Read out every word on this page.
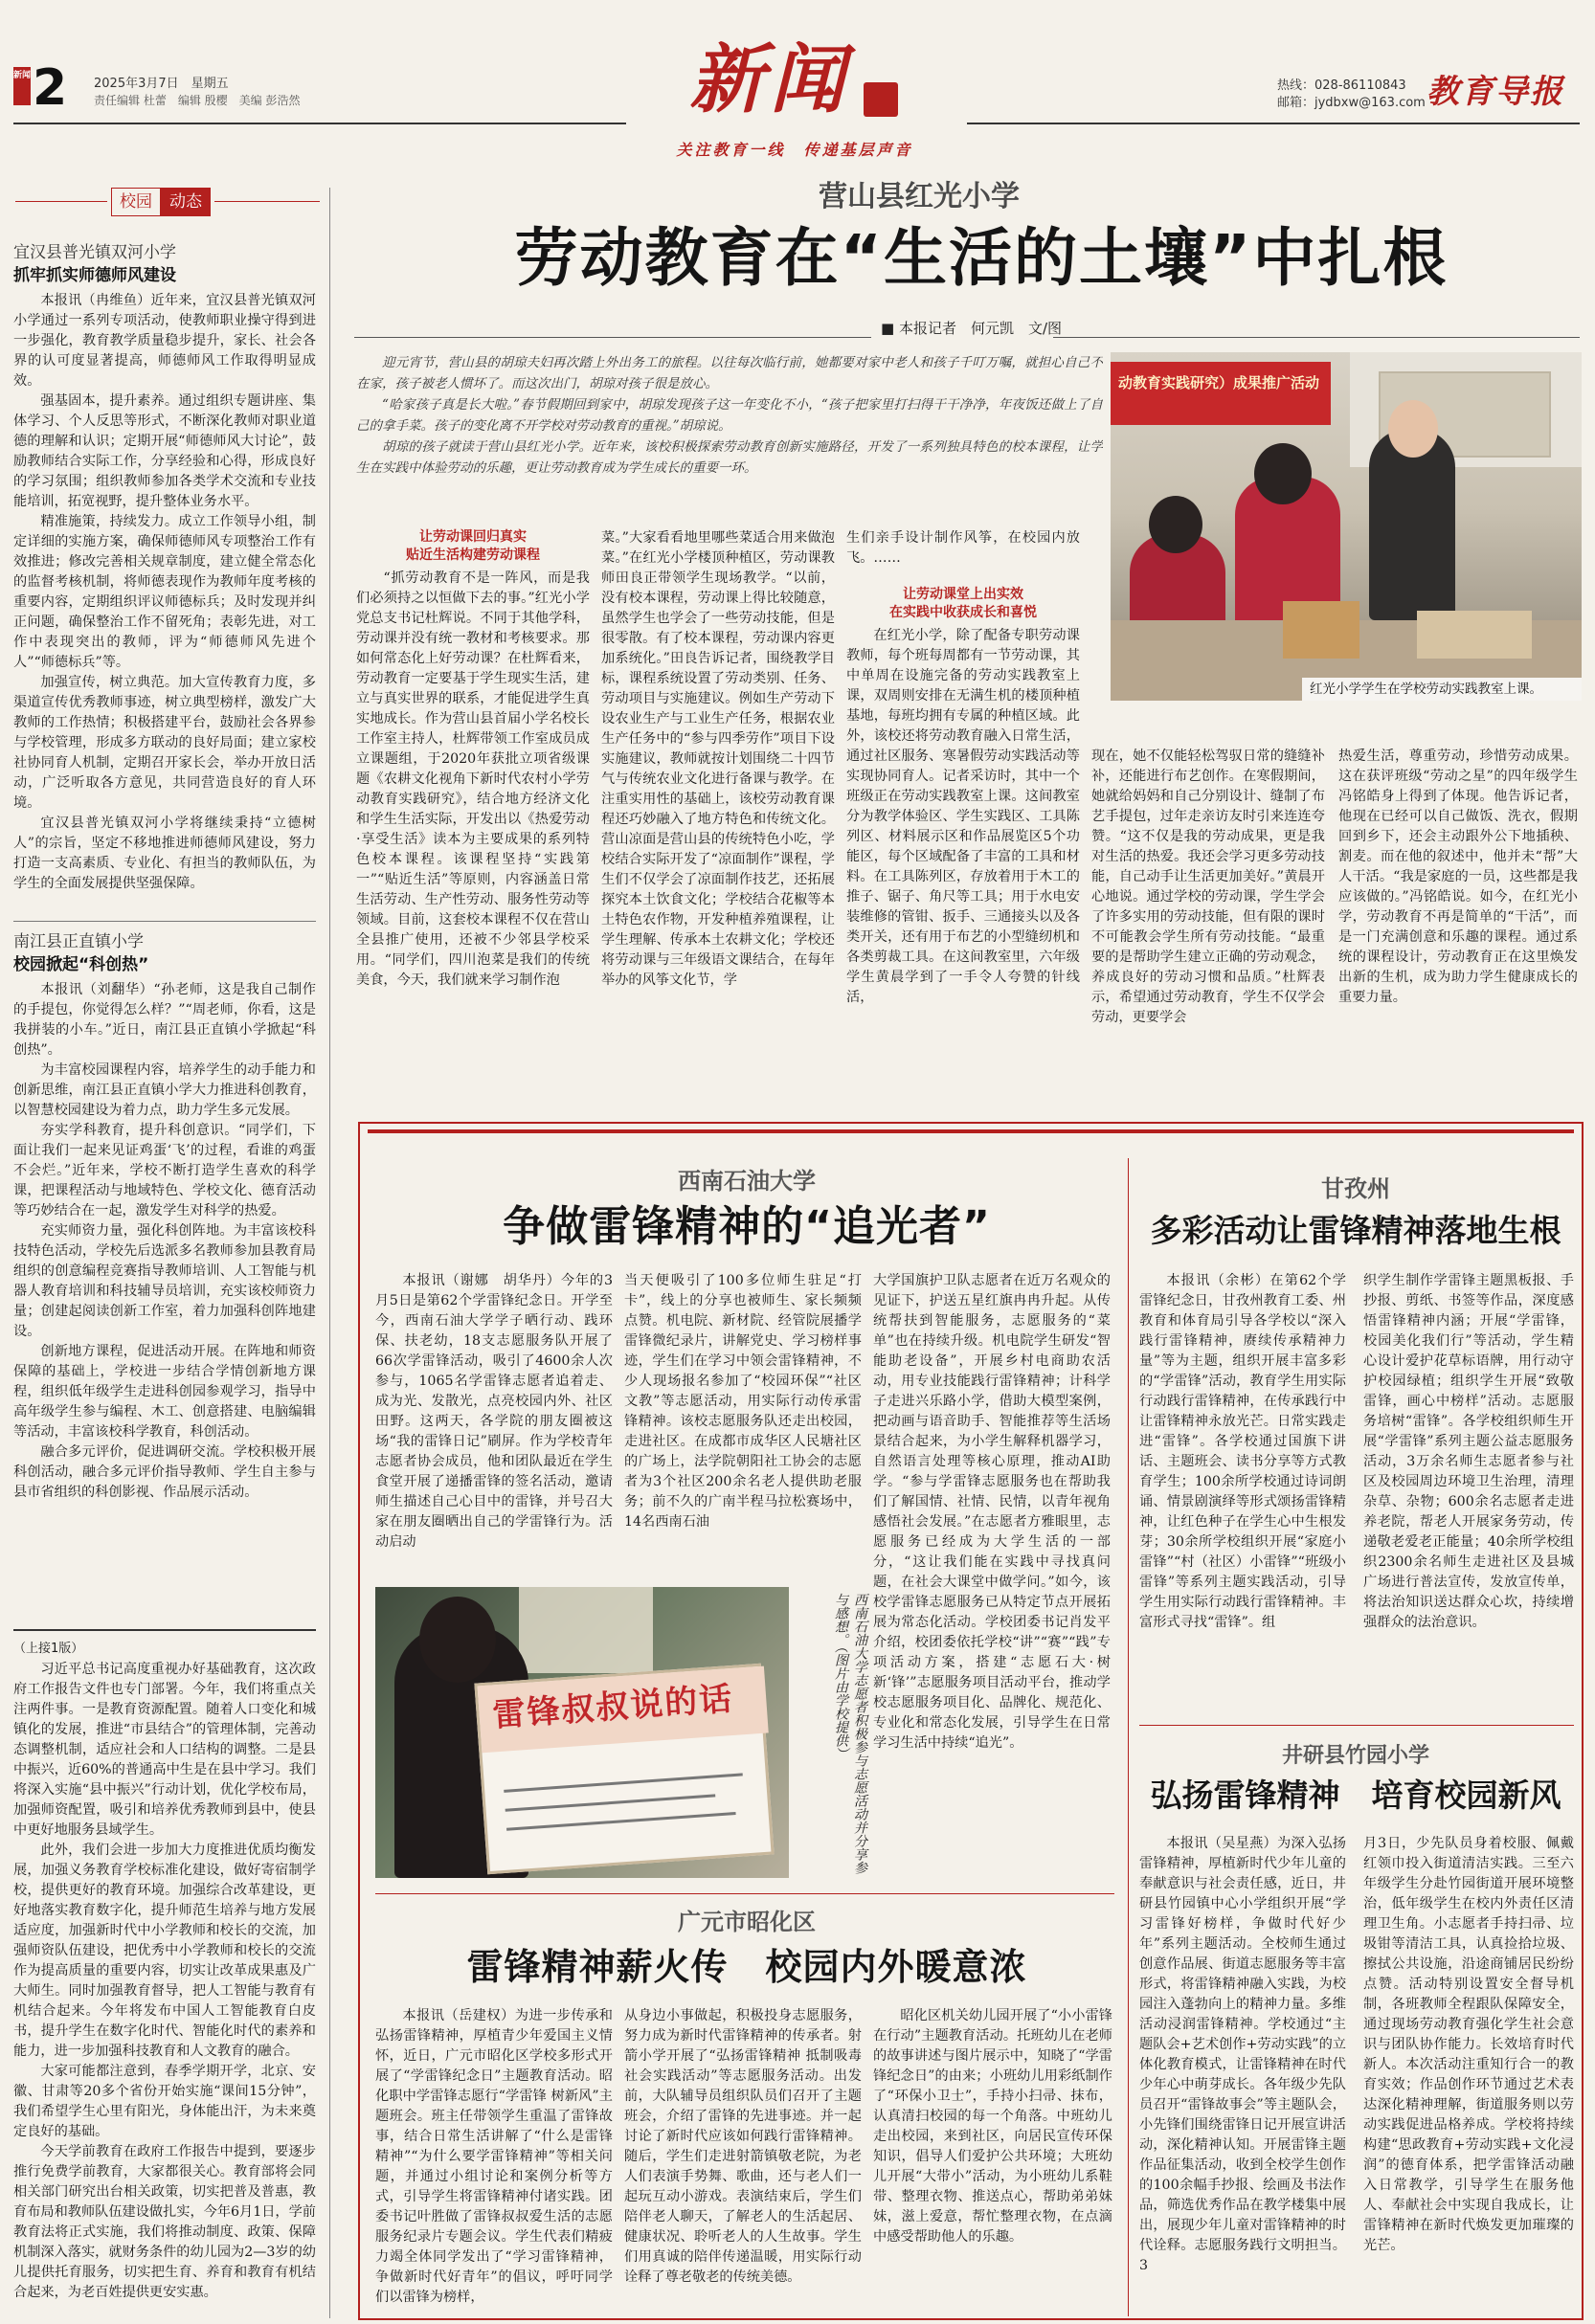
新闻 2 2025年3月7日　星期五
责任编辑 杜蕾　编辑 殷樱　美编 彭浩然	新闻
关注教育一线　传递基层声音
热线：028-86110843
邮箱：jydbxw@163.com 教育导报
校园	动态
宜汉县普光镇双河小学
抓牢抓实师德师风建设

本报讯（冉维鱼）近年来，宜汉县普光镇双河小学通过一系列专项活动，使教师职业操守得到进一步强化，教育教学质量稳步提升，家长、社会各界的认可度显著提高，师德师风工作取得明显成效。

强基固本，提升素养。通过组织专题讲座、集体学习、个人反思等形式，不断深化教师对职业道德的理解和认识；定期开展“师德师风大讨论”，鼓励教师结合实际工作，分享经验和心得，形成良好的学习氛围；组织教师参加各类学术交流和专业技能培训，拓宽视野，提升整体业务水平。

精准施策，持续发力。成立工作领导小组，制定详细的实施方案，确保师德师风专项整治工作有效推进；修改完善相关规章制度，建立健全常态化的监督考核机制，将师德表现作为教师年度考核的重要内容，定期组织评议师德标兵；及时发现并纠正问题，确保整治工作不留死角；表彰先进，对工作中表现突出的教师，评为“师德师风先进个人”“师德标兵”等。

加强宣传，树立典范。加大宣传教育力度，多渠道宣传优秀教师事迹，树立典型榜样，激发广大教师的工作热情；积极搭建平台，鼓励社会各界参与学校管理，形成多方联动的良好局面；建立家校社协同育人机制，定期召开家长会，举办开放日活动，广泛听取各方意见，共同营造良好的育人环境。

宜汉县普光镇双河小学将继续秉持“立德树人”的宗旨，坚定不移地推进师德师风建设，努力打造一支高素质、专业化、有担当的教师队伍，为学生的全面发展提供坚强保障。

南江县正直镇小学
校园掀起“科创热”

本报讯（刘翻华）“孙老师，这是我自己制作的手提包，你觉得怎么样？”“周老师，你看，这是我拼装的小车。”近日，南江县正直镇小学掀起“科创热”。

为丰富校园课程内容，培养学生的动手能力和创新思维，南江县正直镇小学大力推进科创教育，以智慧校园建设为着力点，助力学生多元发展。

夯实学科教育，提升科创意识。“同学们，下面让我们一起来见证鸡蛋‘飞’的过程，看谁的鸡蛋不会烂。”近年来，学校不断打造学生喜欢的科学课，把课程活动与地域特色、学校文化、德育活动等巧妙结合在一起，激发学生对科学的热爱。

充实师资力量，强化科创阵地。为丰富该校科技特色活动，学校先后选派多名教师参加县教育局组织的创意编程竞赛指导教师培训、人工智能与机器人教育培训和科技辅导员培训，充实该校师资力量；创建起阅读创新工作室，着力加强科创阵地建设。

创新地方课程，促进活动开展。在阵地和师资保障的基础上，学校进一步结合学情创新地方课程，组织低年级学生走进科创园参观学习，指导中高年级学生参与编程、木工、创意搭建、电脑编辑等活动，丰富该校科学教育，科创活动。

融合多元评价，促进调研交流。学校积极开展科创活动，融合多元评价指导教师、学生自主参与县市省组织的科创影视、作品展示活动。

（上接1版）

习近平总书记高度重视办好基础教育，这次政府工作报告文件也专门部署。今年，我们将重点关注两件事。一是教育资源配置。随着人口变化和城镇化的发展，推进“市县结合”的管理体制，完善动态调整机制，适应社会和人口结构的调整。二是县中振兴，近60%的普通高中生是在县中学习。我们将深入实施“县中振兴”行动计划，优化学校布局，加强师资配置，吸引和培养优秀教师到县中，使县中更好地服务县域学生。

此外，我们会进一步加大力度推进优质均衡发展，加强义务教育学校标准化建设，做好寄宿制学校，提供更好的教育环境。加强综合改革建设，更好地落实教育数字化，提升师范生培养与地方发展适应度，加强新时代中小学教师和校长的交流，加强师资队伍建设，把优秀中小学教师和校长的交流作为提高质量的重要内容，切实让改革成果惠及广大师生。同时加强教育督导，把人工智能与教育有机结合起来。今年将发布中国人工智能教育白皮书，提升学生在数字化时代、智能化时代的素养和能力，进一步加强科技教育和人文教育的融合。

大家可能都注意到，春季学期开学，北京、安徽、甘肃等20多个省份开始实施“课间15分钟”，我们希望学生心里有阳光，身体能出汗，为未来奠定良好的基础。

今天学前教育在政府工作报告中提到，要逐步推行免费学前教育，大家都很关心。教育部将会同相关部门研究出台相关政策，切实把普及普惠，教育布局和教师队伍建设做扎实，今年6月1日，学前教育法将正式实施，我们将推动制度、政策、保障机制深入落实，就财务条件的幼儿园为2—3岁的幼儿提供托育服务，切实把生育、养育和教育有机结合起来，为老百姓提供更安实惠。

营山县红光小学
劳动教育在“生活的土壤”中扎根
■ 本报记者　何元凯　文/图

迎元宵节，营山县的胡琼夫妇再次踏上外出务工的旅程。以往每次临行前，她都要对家中老人和孩子千叮万嘱，就担心自己不在家，孩子被老人惯坏了。而这次出门，胡琼对孩子很是放心。

“哈家孩子真是长大啦。”春节假期回到家中，胡琼发现孩子这一年变化不小，“孩子把家里打扫得干干净净，年夜饭还做上了自己的拿手菜。孩子的变化离不开学校对劳动教育的重视。”胡琼说。

胡琼的孩子就读于营山县红光小学。近年来，该校积极探索劳动教育创新实施路径，开发了一系列独具特色的校本课程，让学生在实践中体验劳动的乐趣，更让劳动教育成为学生成长的重要一环。

动教育实践研究）成果推广活动
红光小学学生在学校劳动实践教室上课。
让劳动课回归真实
贴近生活构建劳动课程

“抓劳动教育不是一阵风，而是我们必须持之以恒做下去的事。”红光小学党总支书记杜辉说。不同于其他学科，劳动课并没有统一教材和考核要求。那如何常态化上好劳动课？在杜辉看来，劳动教育一定要基于学生现实生活，建立与真实世界的联系，才能促进学生真实地成长。作为营山县首届小学名校长工作室主持人，杜辉带领工作室成员成立课题组，于2020年获批立项省级课题《农耕文化视角下新时代农村小学劳动教育实践研究》，结合地方经济文化和学生生活实际，开发出以《热爱劳动·享受生活》读本为主要成果的系列特色校本课程。该课程坚持“实践第一”“贴近生活”等原则，内容涵盖日常生活劳动、生产性劳动、服务性劳动等领域。目前，这套校本课程不仅在营山全县推广使用，还被不少邻县学校采用。“同学们，四川泡菜是我们的传统美食，今天，我们就来学习制作泡

菜。”大家看看地里哪些菜适合用来做泡菜。”在红光小学楼顶种植区，劳动课教师田良正带领学生现场教学。“以前，没有校本课程，劳动课上得比较随意，虽然学生也学会了一些劳动技能，但是很零散。有了校本课程，劳动课内容更加系统化。”田良告诉记者，围绕教学目标，课程系统设置了劳动类别、任务、劳动项目与实施建议。例如生产劳动下设农业生产与工业生产任务，根据农业生产任务中的“参与四季劳作”项目下设实施建议，教师就按计划围绕二十四节气与传统农业文化进行备课与教学。在注重实用性的基础上，该校劳动教育课程还巧妙融入了地方特色和传统文化。营山凉面是营山县的传统特色小吃，学校结合实际开发了“凉面制作”课程，学生们不仅学会了凉面制作技艺，还拓展探究本土饮食文化；学校结合花椒等本土特色农作物，开发种植养殖课程，让学生理解、传承本土农耕文化；学校还将劳动课与三年级语文课结合，在每年举办的风筝文化节，学

生们亲手设计制作风筝，在校园内放飞。……

让劳动课堂上出实效
在实践中收获成长和喜悦

在红光小学，除了配备专职劳动课教师，每个班每周都有一节劳动课，其中单周在设施完备的劳动实践教室上课，双周则安排在无满生机的楼顶种植基地，每班均拥有专属的种植区域。此外，该校还将劳动教育融入日常生活，通过社区服务、寒暑假劳动实践活动等实现协同育人。记者采访时，其中一个班级正在劳动实践教室上课。这间教室分为教学体验区、学生实践区、工具陈列区、材料展示区和作品展览区5个功能区，每个区域配备了丰富的工具和材料。在工具陈列区，存放着用于木工的推子、锯子、角尺等工具；用于水电安装维修的管钳、扳手、三通接头以及各类开关，还有用于布艺的小型缝纫机和各类剪裁工具。在这间教室里，六年级学生黄晨学到了一手令人夸赞的针线活，

现在，她不仅能轻松驾驭日常的缝缝补补，还能进行布艺创作。在寒假期间，她就给妈妈和自己分别设计、缝制了布艺手提包，过年走亲访友时引来连连夸赞。“这不仅是我的劳动成果，更是我对生活的热爱。我还会学习更多劳动技能，自己动手让生活更加美好。”黄晨开心地说。通过学校的劳动课，学生学会了许多实用的劳动技能，但有限的课时不可能教会学生所有劳动技能。“最重要的是帮助学生建立正确的劳动观念，养成良好的劳动习惯和品质。”杜辉表示，希望通过劳动教育，学生不仅学会劳动，更要学会

热爱生活，尊重劳动，珍惜劳动成果。这在获评班级“劳动之星”的四年级学生冯铭皓身上得到了体现。他告诉记者，他现在已经可以自己做饭、洗衣，假期回到乡下，还会主动跟外公下地插秧、割麦。而在他的叙述中，他并未“帮”大人干活。“我是家庭的一员，这些都是我应该做的。”冯铭皓说。如今，在红光小学，劳动教育不再是简单的“干活”，而是一门充满创意和乐趣的课程。通过系统的课程设计，劳动教育正在这里焕发出新的生机，成为助力学生健康成长的重要力量。

西南石油大学
争做雷锋精神的“追光者”

本报讯（谢娜　胡华丹）今年的3月5日是第62个学雷锋纪念日。开学至今，西南石油大学学子晒行动、践环保、扶老幼，18支志愿服务队开展了66次学雷锋活动，吸引了4600余人次参与，1065名学雷锋志愿者追着走、成为光、发散光，点亮校园内外、社区田野。这两天，各学院的朋友圈被这场“我的雷锋日记”刷屏。作为学校青年志愿者协会成员，他和团队最近在学生食堂开展了递播雷锋的签名活动，邀请师生描述自己心目中的雷锋，并号召大家在朋友圈晒出自己的学雷锋行为。活动启动

当天便吸引了100多位师生驻足“打卡”，线上的分享也被师生、家长频频点赞。机电院、新材院、经管院展播学雷锋微纪录片，讲解党史、学习榜样事迹，学生们在学习中领会雷锋精神，不少人现场报名参加了“校园环保”“社区文教”等志愿活动，用实际行动传承雷锋精神。该校志愿服务队还走出校园，走进社区。在成都市成华区人民塘社区的广场上，法学院朝阳社工协会的志愿者为3个社区200余名老人提供助老服务；前不久的广南半程马拉松赛场中，14名西南石油

大学国旗护卫队志愿者在近万名观众的见证下，护送五星红旗冉冉升起。从传统帮扶到智能服务，志愿服务的“菜单”也在持续升级。机电院学生研发“智能助老设备”，开展乡村电商助农活动，用专业技能践行雷锋精神；计科学子走进兴乐路小学，借助大模型案例，把动画与语音助手、智能推荐等生活场景结合起来，为小学生解释机器学习，自然语言处理等核心原理，推动AI助学。“参与学雷锋志愿服务也在帮助我们了解国情、社情、民情，以青年视角感悟社会发展。”在志愿者方雅眼里，志愿服务已经成为大学生活的一部分，“这让我们能在实践中寻找真问题，在社会大课堂中做学问。”如今，该校学雷锋志愿服务已从特定节点开展拓展为常态化活动。学校团委书记肖发平介绍，校团委依托学校“讲”“赛”“践”专项活动方案，搭建“志愿石大·树新‘锋’”志愿服务项目活动平台，推动学校志愿服务项目化、品牌化、规范化、专业化和常态化发展，引导学生在日常学习生活中持续“追光”。

雷锋叔叔说的话	西南石油大学志愿者积极参与志愿活动并分享参与感想。（图片由学校提供）
甘孜州
多彩活动让雷锋精神落地生根

本报讯（余彬）在第62个学雷锋纪念日，甘孜州教育工委、州教育和体育局引导各学校以“深入践行雷锋精神，赓续传承精神力量”等为主题，组织开展丰富多彩的“学雷锋”活动，教育学生用实际行动践行雷锋精神，在传承践行中让雷锋精神永放光芒。日常实践走进“雷锋”。各学校通过国旗下讲话、主题班会、读书分享等方式教育学生；100余所学校通过诗词朗诵、情景剧演绎等形式颂扬雷锋精神，让红色种子在学生心中生根发芽；30余所学校组织开展“家庭小雷锋”“村（社区）小雷锋”“班级小雷锋”等系列主题实践活动，引导学生用实际行动践行雷锋精神。丰富形式寻找“雷锋”。组

织学生制作学雷锋主题黑板报、手抄报、剪纸、书签等作品，深度感悟雷锋精神内涵；开展“学雷锋，校园美化我们行”等活动，学生精心设计爱护花草标语牌，用行动守护校园绿植；组织学生开展“致敬雷锋，画心中榜样”活动。志愿服务培树“雷锋”。各学校组织师生开展“学雷锋”系列主题公益志愿服务活动，3万余名师生志愿者参与社区及校园周边环境卫生治理，清理杂草、杂物；600余名志愿者走进养老院，帮老人开展家务劳动，传递敬老爱老正能量；40余所学校组织2300余名师生走进社区及县城广场进行普法宣传，发放宣传单，将法治知识送达群众心坎，持续增强群众的法治意识。

井研县竹园小学
弘扬雷锋精神　培育校园新风

本报讯（吴星燕）为深入弘扬雷锋精神，厚植新时代少年儿童的奉献意识与社会责任感，近日，井研县竹园镇中心小学组织开展“学习雷锋好榜样，争做时代好少年”系列主题活动。全校师生通过创意作品展、街道志愿服务等丰富形式，将雷锋精神融入实践，为校园注入蓬勃向上的精神力量。多维活动浸润雷锋精神。学校通过“主题队会+艺术创作+劳动实践”的立体化教育模式，让雷锋精神在时代少年心中萌芽成长。各年级少先队员召开“雷锋故事会”等主题队会，小先锋们围绕雷锋日记开展宣讲活动，深化精神认知。开展雷锋主题作品征集活动，收到全校学生创作的100余幅手抄报、绘画及书法作品，筛选优秀作品在教学楼集中展出，展现少年儿童对雷锋精神的时代诠释。志愿服务践行文明担当。3

月3日，少先队员身着校服、佩戴红领巾投入街道清洁实践。三至六年级学生分赴竹园街道开展环境整治，低年级学生在校内外责任区清理卫生角。小志愿者手持扫帚、垃圾钳等清洁工具，认真捡拾垃圾、擦拭公共设施，沿途商铺居民纷纷点赞。活动特别设置安全督导机制，各班教师全程跟队保障安全，通过现场劳动教育强化学生社会意识与团队协作能力。长效培育时代新人。本次活动注重知行合一的教育实效；作品创作环节通过艺术表达深化精神理解，街道服务则以劳动实践促进品格养成。学校将持续构建“思政教育+劳动实践+文化浸润”的德育体系，把学雷锋活动融入日常教学，引导学生在服务他人、奉献社会中实现自我成长，让雷锋精神在新时代焕发更加璀璨的光芒。

广元市昭化区
雷锋精神薪火传　校园内外暖意浓

本报讯（岳建权）为进一步传承和弘扬雷锋精神，厚植青少年爱国主义情怀，近日，广元市昭化区学校多形式开展了“学雷锋纪念日”主题教育活动。昭化职中学雷锋志愿行“学雷锋 树新风”主题班会。班主任带领学生重温了雷锋故事，结合日常生活讲解了“什么是雷锋精神”“为什么要学雷锋精神”等相关问题，并通过小组讨论和案例分析等方式，引导学生将雷锋精神付诸实践。团委书记叶胜做了雷锋叔叔爱生活的志愿服务纪录片专题会议。学生代表们精疲力竭全体同学发出了“学习雷锋精神，争做新时代好青年”的倡议，呼吁同学们以雷锋为榜样，

从身边小事做起，积极投身志愿服务，努力成为新时代雷锋精神的传承者。射箭小学开展了“弘扬雷锋精神 抵制吸毒 社会实践活动”等志愿服务活动。出发前，大队辅导员组织队员们召开了主题班会，介绍了雷锋的先进事迹。并一起讨论了新时代应该如何践行雷锋精神。随后，学生们走进射箭镇敬老院，为老人们表演手势舞、歌曲，还与老人们一起玩互动小游戏。表演结束后，学生们陪伴老人聊天，了解老人的生活起居、健康状况、聆听老人的人生故事。学生们用真诚的陪伴传递温暖，用实际行动诠释了尊老敬老的传统美德。

昭化区机关幼儿园开展了“小小雷锋在行动”主题教育活动。托班幼儿在老师的故事讲述与图片展示中，知晓了“学雷锋纪念日”的由来；小班幼儿用彩纸制作了“环保小卫士”，手持小扫帚、抹布，认真清扫校园的每一个角落。中班幼儿走出校园，来到社区，向居民宣传环保知识，倡导人们爱护公共环境；大班幼儿开展“大带小”活动，为小班幼儿系鞋带、整理衣物、推送点心，帮助弟弟妹妹，滋上爱意，帮忙整理衣物，在点滴中感受帮助他人的乐趣。
